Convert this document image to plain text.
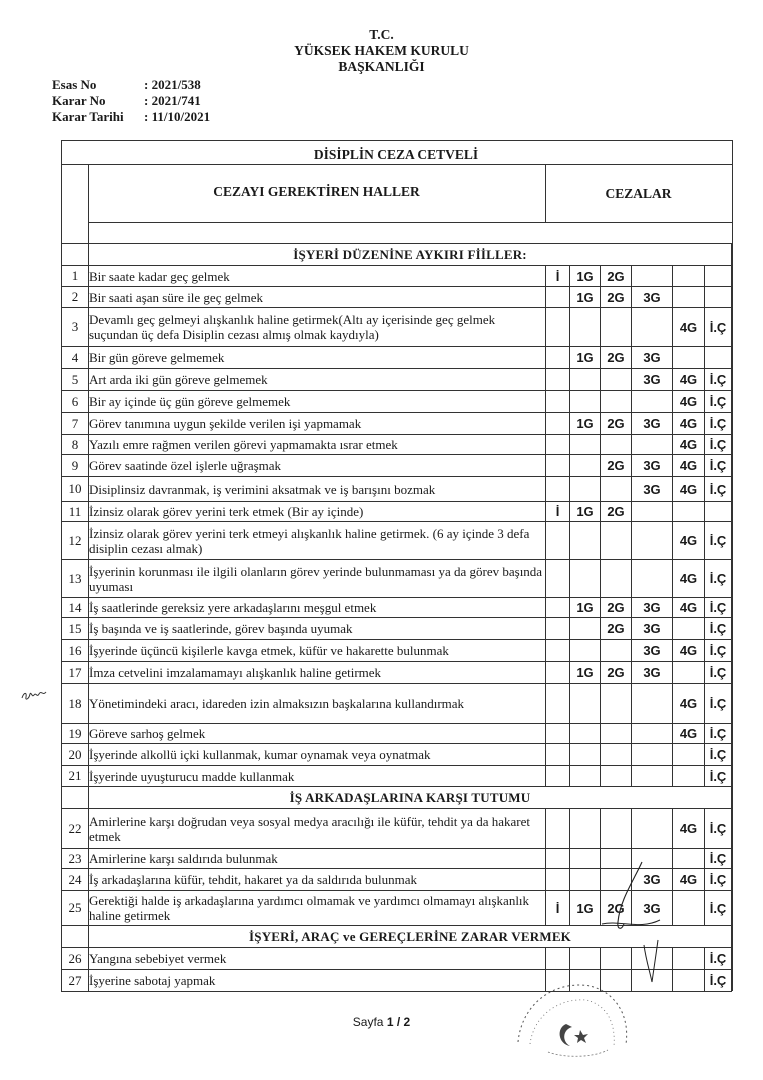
T.C.
YÜKSEK HAKEM KURULU
BAŞKANLIĞI
Esas No	: 2021/538
Karar No	: 2021/741
Karar Tarihi : 11/10/2021
DİSİPLİN CEZA CETVELİ
CEZAYI GEREKTİREN HALLER	CEZALAR
	İŞYERİ DÜZENİNE AYKIRI FİİLLER:						
1	Bir saate kadar geç gelmek	İ	1G	2G			
2	Bir saati aşan süre ile geç gelmek		1G	2G	3G		
3	Devamlı geç gelmeyi alışkanlık haline getirmek(Altı ay içerisinde geç gelmek suçundan üç defa Disiplin cezası almış olmak kaydıyla)					4G	İ.Ç
4	Bir gün göreve gelmemek		1G	2G	3G		
5	Art arda iki gün göreve gelmemek				3G	4G	İ.Ç
6	Bir ay içinde üç gün göreve gelmemek					4G	İ.Ç
7	Görev tanımına uygun şekilde verilen işi yapmamak		1G	2G	3G	4G	İ.Ç
8	Yazılı emre rağmen verilen görevi yapmamakta ısrar etmek					4G	İ.Ç
9	Görev saatinde özel işlerle uğraşmak			2G	3G	4G	İ.Ç
10	Disiplinsiz davranmak, iş verimini aksatmak ve iş barışını bozmak				3G	4G	İ.Ç
11	İzinsiz olarak görev yerini terk etmek (Bir ay içinde)	İ	1G	2G			
12	İzinsiz olarak görev yerini terk etmeyi alışkanlık haline getirmek. (6 ay içinde 3 defa disiplin cezası almak)					4G	İ.Ç
13	İşyerinin korunması ile ilgili olanların görev yerinde bulunmaması ya da görev başında uyuması					4G	İ.Ç
14	İş saatlerinde gereksiz yere arkadaşlarını meşgul etmek		1G	2G	3G	4G	İ.Ç
15	İş başında ve iş saatlerinde, görev başında uyumak			2G	3G		İ.Ç
16	İşyerinde üçüncü kişilerle kavga etmek, küfür ve hakarette bulunmak				3G	4G	İ.Ç
17	İmza cetvelini imzalamamayı alışkanlık haline getirmek		1G	2G	3G		İ.Ç
18	Yönetimindeki aracı, idareden izin almaksızın başkalarına kullandırmak					4G	İ.Ç
19	Göreve sarhoş gelmek					4G	İ.Ç
20	İşyerinde alkollü içki kullanmak, kumar oynamak veya oynatmak						İ.Ç
21	İşyerinde uyuşturucu madde kullanmak						İ.Ç
	İŞ ARKADAŞLARINA KARŞI TUTUMU						
22	Amirlerine karşı doğrudan veya sosyal medya aracılığı ile küfür, tehdit ya da hakaret etmek					4G	İ.Ç
23	Amirlerine karşı saldırıda bulunmak						İ.Ç
24	İş arkadaşlarına küfür, tehdit, hakaret ya da saldırıda bulunmak				3G	4G	İ.Ç
25	Gerektiği halde iş arkadaşlarına yardımcı olmamak ve yardımcı olmamayı alışkanlık haline getirmek	İ	1G	2G	3G		İ.Ç
	İŞYERİ, ARAÇ ve GEREÇLERİNE ZARAR VERMEK						
26	Yangına sebebiyet vermek						İ.Ç
27	İşyerine sabotaj yapmak						İ.Ç
Sayfa 1 / 2
